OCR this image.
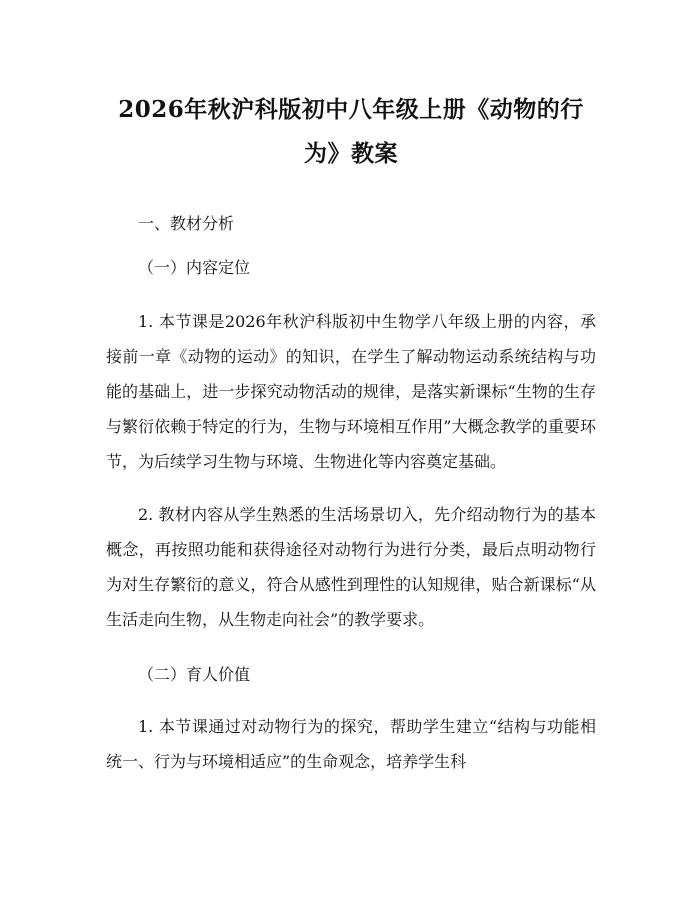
2026年秋沪科版初中八年级上册《动物的行为》教案

一、教材分析

（一）内容定位

1. 本节课是2026年秋沪科版初中生物学八年级上册的内容，承接前一章《动物的运动》的知识，在学生了解动物运动系统结构与功能的基础上，进一步探究动物活动的规律，是落实新课标“生物的生存与繁衍依赖于特定的行为，生物与环境相互作用”大概念教学的重要环节，为后续学习生物与环境、生物进化等内容奠定基础。

2. 教材内容从学生熟悉的生活场景切入，先介绍动物行为的基本概念，再按照功能和获得途径对动物行为进行分类，最后点明动物行为对生存繁衍的意义，符合从感性到理性的认知规律，贴合新课标“从生活走向生物，从生物走向社会”的教学要求。

（二）育人价值

1. 本节课通过对动物行为的探究，帮助学生建立“结构与功能相统一、行为与环境相适应”的生命观念，培养学生科
